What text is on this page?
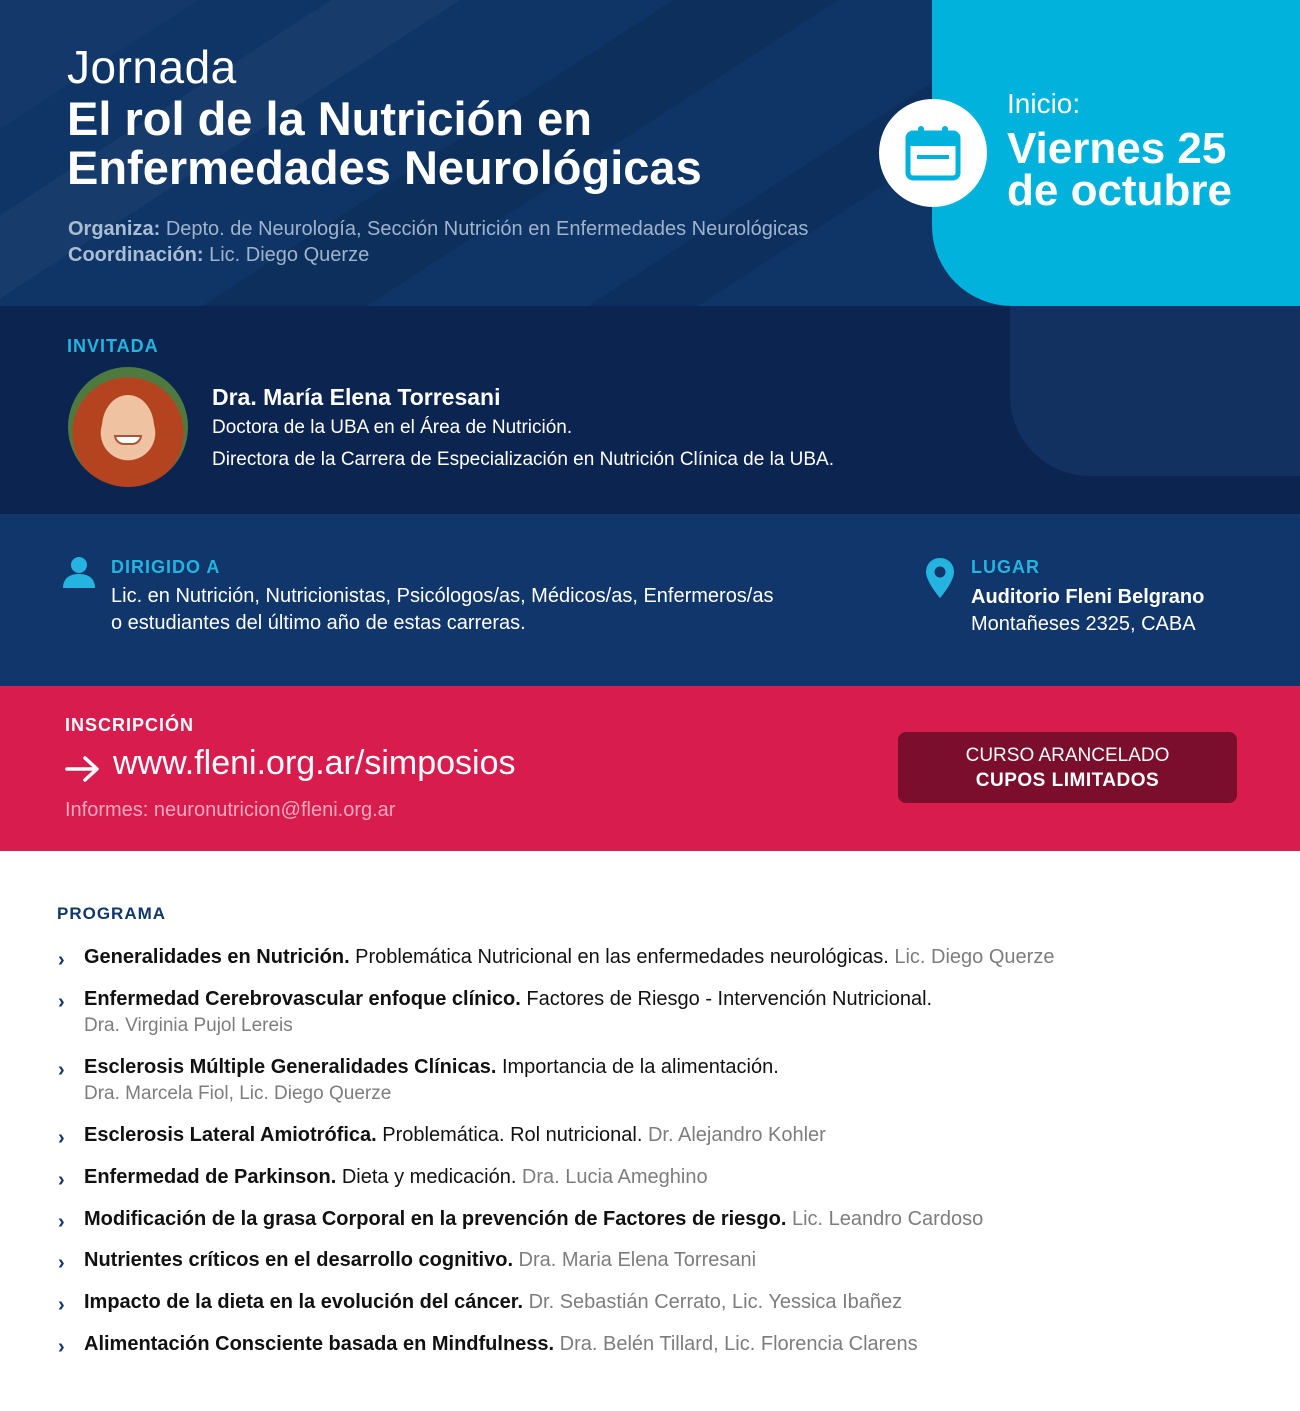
Jornada
El rol de la Nutrición en
Enfermedades Neurológicas
Organiza: Depto. de Neurología, Sección Nutrición en Enfermedades Neurológicas
Coordinación: Lic. Diego Querze
Inicio:
Viernes 25
de octubre
INVITADA
Dra. María Elena Torresani
Doctora de la UBA en el Área de Nutrición.
Directora de la Carrera de Especialización en Nutrición Clínica de la UBA.
DIRIGIDO A
Lic. en Nutrición, Nutricionistas, Psicólogos/as, Médicos/as, Enfermeros/as
o estudiantes del último año de estas carreras.
LUGAR
Auditorio Fleni Belgrano
Montañeses 2325, CABA
INSCRIPCIÓN
www.fleni.org.ar/simposios
Informes: neuronutricion@fleni.org.ar
CURSO ARANCELADO
CUPOS LIMITADOS
PROGRAMA
› Generalidades en Nutrición. Problemática Nutricional en las enfermedades neurológicas. Lic. Diego Querze
› Enfermedad Cerebrovascular enfoque clínico. Factores de Riesgo - Intervención Nutricional.
Dra. Virginia Pujol Lereis
› Esclerosis Múltiple Generalidades Clínicas. Importancia de la alimentación.
Dra. Marcela Fiol, Lic. Diego Querze
› Esclerosis Lateral Amiotrófica. Problemática. Rol nutricional. Dr. Alejandro Kohler
› Enfermedad de Parkinson. Dieta y medicación. Dra. Lucia Ameghino
› Modificación de la grasa Corporal en la prevención de Factores de riesgo. Lic. Leandro Cardoso
› Nutrientes críticos en el desarrollo cognitivo. Dra. Maria Elena Torresani
› Impacto de la dieta en la evolución del cáncer. Dr. Sebastián Cerrato, Lic. Yessica Ibañez
› Alimentación Consciente basada en Mindfulness. Dra. Belén Tillard, Lic. Florencia Clarens
